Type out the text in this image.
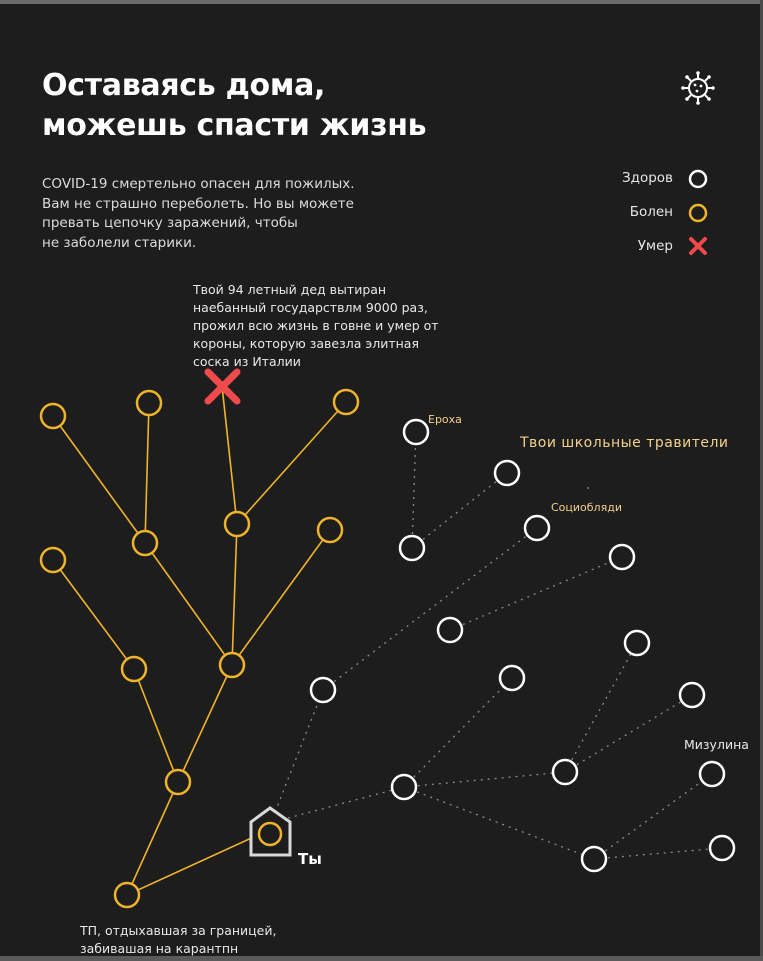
Оставаясь дома,
можешь спасти жизнь
COVID-19 смертельно опасен для пожилых.
Вам не страшно переболеть. Но вы можете
превать цепочку заражений, чтобы
не заболели старики.
Здоров
Болен
Умер
Твой 94 летный дед вытиран
наебанный государствлм 9000 раз,
прожил всю жизнь в говне и умер от
короны, которую завезла элитная
соска из Италии
ТП, отдыхавшая за границей,
забивашая на карантпн
Ты
Ероха
Твои школьные травители
Социобляди
Мизулина
